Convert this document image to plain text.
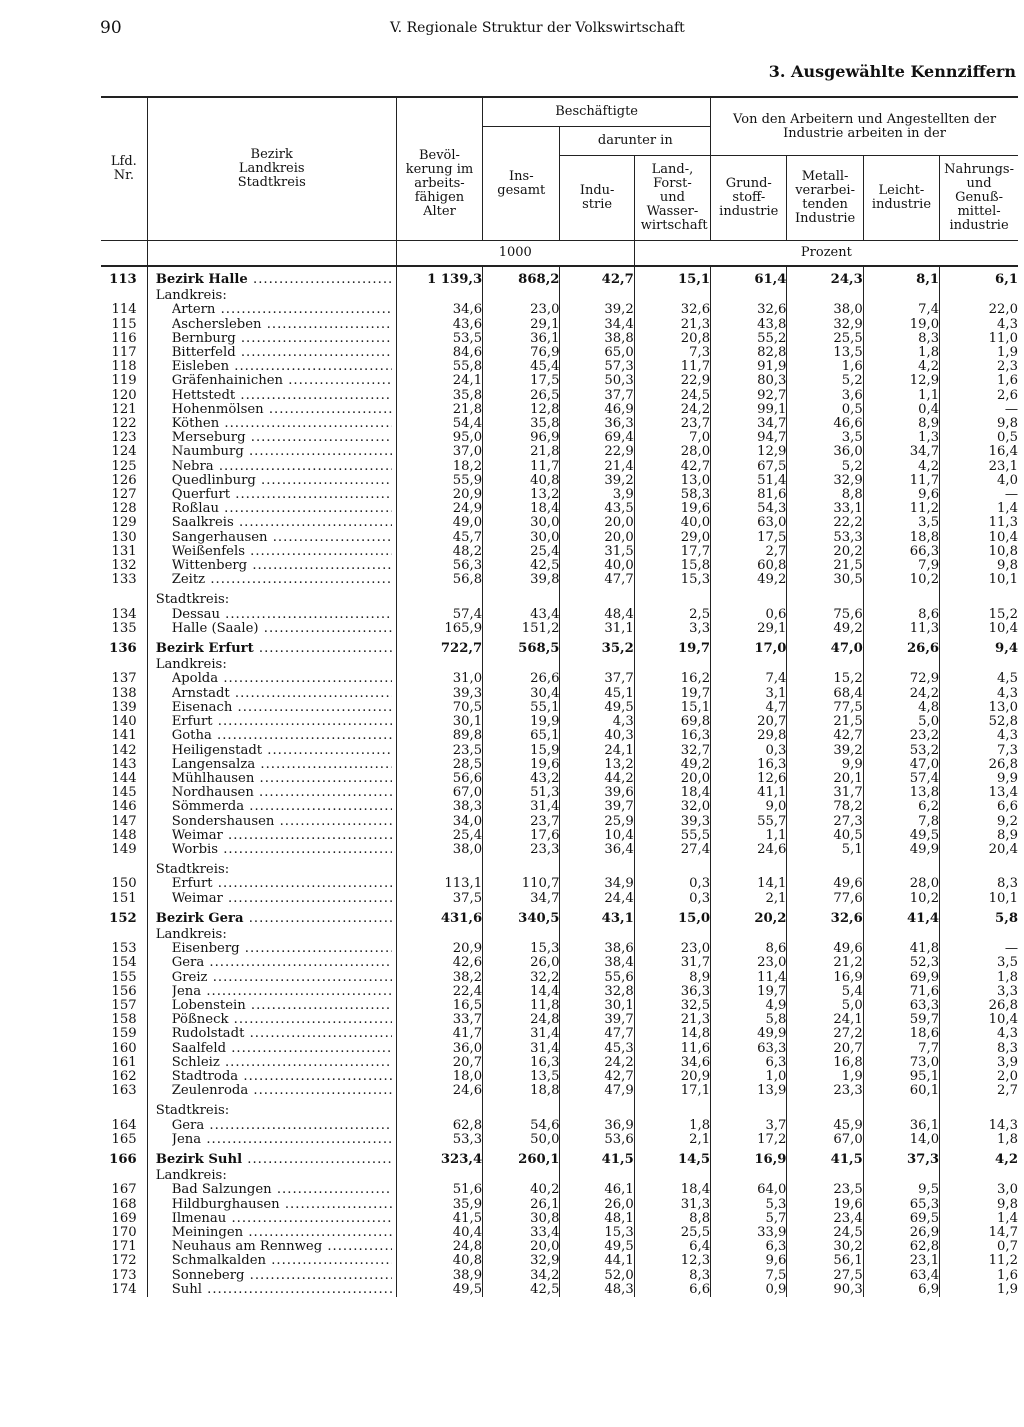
90	V. Regionale Struktur der Volkswirtschaft
3. Ausgewählte Kennziffern
Lfd. Nr.	Bezirk Landkreis Stadtkreis	Bevöl- kerung im arbeits- fähigen Alter	Beschäftigte			Von den Arbeitern und Angestellten der Industrie arbeiten in der			
			Ins- gesamt	darunter in					
				Indu- strie	Land-, Forst- und Wasser- wirtschaft	Grund- stoff- industrie	Metall- verarbei- tenden Industrie	Leicht- industrie	Nahrungs- und Genuß- mittel- industrie
		1000			Prozent				

113	Bezirk Halle .....	1 139,3	868,2	42,7	15,1	61,4	24,3	8,1	6,1
	Landkreis:								
114	Artern .....	34,6	23,0	39,2	32,6	32,6	38,0	7,4	22,0
115	Aschersleben .....	43,6	29,1	34,4	21,3	43,8	32,9	19,0	4,3
116	Bernburg .....	53,5	36,1	38,8	20,8	55,2	25,5	8,3	11,0
117	Bitterfeld .....	84,6	76,9	65,0	7,3	82,8	13,5	1,8	1,9
118	Eisleben .....	55,8	45,4	57,3	11,7	91,9	1,6	4,2	2,3
119	Gräfenhainichen .....	24,1	17,5	50,3	22,9	80,3	5,2	12,9	1,6
120	Hettstedt .....	35,8	26,5	37,7	24,5	92,7	3,6	1,1	2,6
121	Hohenmölsen .....	21,8	12,8	46,9	24,2	99,1	0,5	0,4	—
122	Köthen .....	54,4	35,8	36,3	23,7	34,7	46,6	8,9	9,8
123	Merseburg .....	95,0	96,9	69,4	7,0	94,7	3,5	1,3	0,5
124	Naumburg .....	37,0	21,8	22,9	28,0	12,9	36,0	34,7	16,4
125	Nebra .....	18,2	11,7	21,4	42,7	67,5	5,2	4,2	23,1
126	Quedlinburg .....	55,9	40,8	39,2	13,0	51,4	32,9	11,7	4,0
127	Querfurt .....	20,9	13,2	3,9	58,3	81,6	8,8	9,6	—
128	Roßlau .....	24,9	18,4	43,5	19,6	54,3	33,1	11,2	1,4
129	Saalkreis .....	49,0	30,0	20,0	40,0	63,0	22,2	3,5	11,3
130	Sangerhausen .....	45,7	30,0	20,0	29,0	17,5	53,3	18,8	10,4
131	Weißenfels .....	48,2	25,4	31,5	17,7	2,7	20,2	66,3	10,8
132	Wittenberg .....	56,3	42,5	40,0	15,8	60,8	21,5	7,9	9,8
133	Zeitz .....	56,8	39,8	47,7	15,3	49,2	30,5	10,2	10,1
	Stadtkreis:								
134	Dessau .....	57,4	43,4	48,4	2,5	0,6	75,6	8,6	15,2
135	Halle (Saale) .....	165,9	151,2	31,1	3,3	29,1	49,2	11,3	10,4
136	Bezirk Erfurt .....	722,7	568,5	35,2	19,7	17,0	47,0	26,6	9,4
	Landkreis:								
137	Apolda .....	31,0	26,6	37,7	16,2	7,4	15,2	72,9	4,5
138	Arnstadt .....	39,3	30,4	45,1	19,7	3,1	68,4	24,2	4,3
139	Eisenach .....	70,5	55,1	49,5	15,1	4,7	77,5	4,8	13,0
140	Erfurt .....	30,1	19,9	4,3	69,8	20,7	21,5	5,0	52,8
141	Gotha .....	89,8	65,1	40,3	16,3	29,8	42,7	23,2	4,3
142	Heiligenstadt .....	23,5	15,9	24,1	32,7	0,3	39,2	53,2	7,3
143	Langensalza .....	28,5	19,6	13,2	49,2	16,3	9,9	47,0	26,8
144	Mühlhausen .....	56,6	43,2	44,2	20,0	12,6	20,1	57,4	9,9
145	Nordhausen .....	67,0	51,3	39,6	18,4	41,1	31,7	13,8	13,4
146	Sömmerda .....	38,3	31,4	39,7	32,0	9,0	78,2	6,2	6,6
147	Sondershausen .....	34,0	23,7	25,9	39,3	55,7	27,3	7,8	9,2
148	Weimar .....	25,4	17,6	10,4	55,5	1,1	40,5	49,5	8,9
149	Worbis .....	38,0	23,3	36,4	27,4	24,6	5,1	49,9	20,4
	Stadtkreis:								
150	Erfurt .....	113,1	110,7	34,9	0,3	14,1	49,6	28,0	8,3
151	Weimar .....	37,5	34,7	24,4	0,3	2,1	77,6	10,2	10,1
152	Bezirk Gera .....	431,6	340,5	43,1	15,0	20,2	32,6	41,4	5,8
	Landkreis:								
153	Eisenberg .....	20,9	15,3	38,6	23,0	8,6	49,6	41,8	—
154	Gera .....	42,6	26,0	38,4	31,7	23,0	21,2	52,3	3,5
155	Greiz .....	38,2	32,2	55,6	8,9	11,4	16,9	69,9	1,8
156	Jena .....	22,4	14,4	32,8	36,3	19,7	5,4	71,6	3,3
157	Lobenstein .....	16,5	11,8	30,1	32,5	4,9	5,0	63,3	26,8
158	Pößneck .....	33,7	24,8	39,7	21,3	5,8	24,1	59,7	10,4
159	Rudolstadt .....	41,7	31,4	47,7	14,8	49,9	27,2	18,6	4,3
160	Saalfeld .....	36,0	31,4	45,3	11,6	63,3	20,7	7,7	8,3
161	Schleiz .....	20,7	16,3	24,2	34,6	6,3	16,8	73,0	3,9
162	Stadtroda .....	18,0	13,5	42,7	20,9	1,0	1,9	95,1	2,0
163	Zeulenroda .....	24,6	18,8	47,9	17,1	13,9	23,3	60,1	2,7
	Stadtkreis:								
164	Gera .....	62,8	54,6	36,9	1,8	3,7	45,9	36,1	14,3
165	Jena .....	53,3	50,0	53,6	2,1	17,2	67,0	14,0	1,8
166	Bezirk Suhl .....	323,4	260,1	41,5	14,5	16,9	41,5	37,3	4,2
	Landkreis:								
167	Bad Salzungen .....	51,6	40,2	46,1	18,4	64,0	23,5	9,5	3,0
168	Hildburghausen .....	35,9	26,1	26,0	31,3	5,3	19,6	65,3	9,8
169	Ilmenau .....	41,5	30,8	48,1	8,8	5,7	23,4	69,5	1,4
170	Meiningen .....	40,4	33,4	15,3	25,5	33,9	24,5	26,9	14,7
171	Neuhaus am Rennweg .....	24,8	20,0	49,5	6,4	6,3	30,2	62,8	0,7
172	Schmalkalden .....	40,8	32,9	44,1	12,3	9,6	56,1	23,1	11,2
173	Sonneberg .....	38,9	34,2	52,0	8,3	7,5	27,5	63,4	1,6
174	Suhl .....	49,5	42,5	48,3	6,6	0,9	90,3	6,9	1,9
